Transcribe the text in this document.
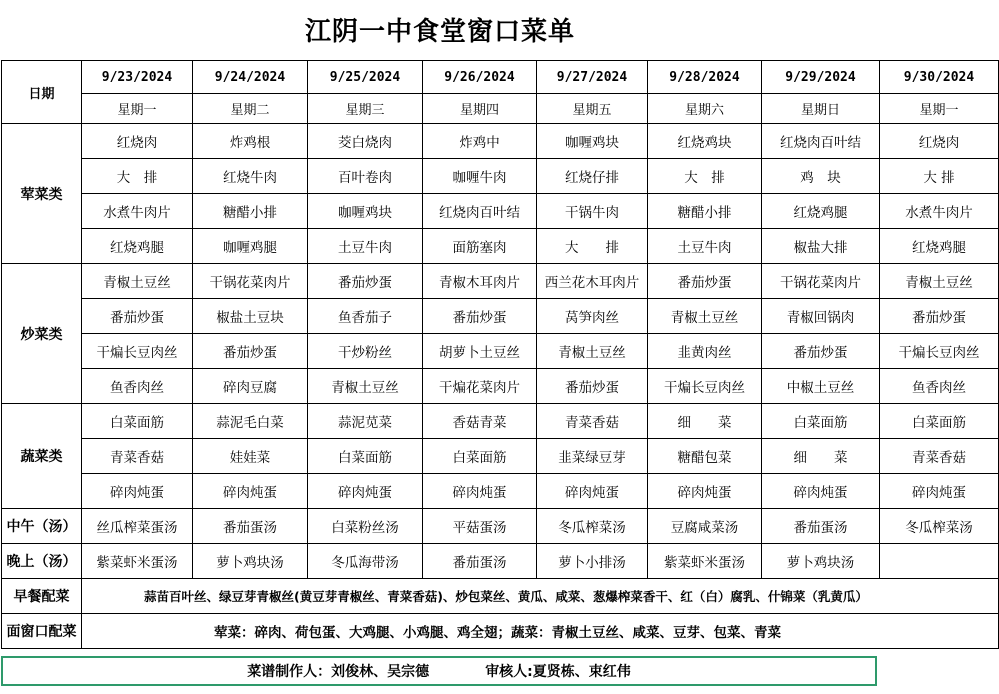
江阴一中食堂窗口菜单
日期	9/23/2024	9/24/2024	9/25/2024	9/26/2024	9/27/2024	9/28/2024	9/29/2024	9/30/2024
	星期一	星期二	星期三	星期四	星期五	星期六	星期日	星期一
荤菜类	红烧肉	炸鸡根	茭白烧肉	炸鸡中	咖喱鸡块	红烧鸡块	红烧肉百叶结	红烧肉
	大　排	红烧牛肉	百叶卷肉	咖喱牛肉	红烧仔排	大　排	鸡　块	大 排
	水煮牛肉片	糖醋小排	咖喱鸡块	红烧肉百叶结	干锅牛肉	糖醋小排	红烧鸡腿	水煮牛肉片
	红烧鸡腿	咖喱鸡腿	土豆牛肉	面筋塞肉	大　　排	土豆牛肉	椒盐大排	红烧鸡腿
炒菜类	青椒土豆丝	干锅花菜肉片	番茄炒蛋	青椒木耳肉片	西兰花木耳肉片	番茄炒蛋	干锅花菜肉片	青椒土豆丝
	番茄炒蛋	椒盐土豆块	鱼香茄子	番茄炒蛋	莴笋肉丝	青椒土豆丝	青椒回锅肉	番茄炒蛋
	干煸长豆肉丝	番茄炒蛋	干炒粉丝	胡萝卜土豆丝	青椒土豆丝	韭黄肉丝	番茄炒蛋	干煸长豆肉丝
	鱼香肉丝	碎肉豆腐	青椒土豆丝	干煸花菜肉片	番茄炒蛋	干煸长豆肉丝	中椒土豆丝	鱼香肉丝
蔬菜类	白菜面筋	蒜泥毛白菜	蒜泥苋菜	香菇青菜	青菜香菇	细　　菜	白菜面筋	白菜面筋
	青菜香菇	娃娃菜	白菜面筋	白菜面筋	韭菜绿豆芽	糖醋包菜	细　　菜	青菜香菇
	碎肉炖蛋	碎肉炖蛋	碎肉炖蛋	碎肉炖蛋	碎肉炖蛋	碎肉炖蛋	碎肉炖蛋	碎肉炖蛋
中午（汤）	丝瓜榨菜蛋汤	番茄蛋汤	白菜粉丝汤	平菇蛋汤	冬瓜榨菜汤	豆腐咸菜汤	番茄蛋汤	冬瓜榨菜汤
晚上（汤）	紫菜虾米蛋汤	萝卜鸡块汤	冬瓜海带汤	番茄蛋汤	萝卜小排汤	紫菜虾米蛋汤	萝卜鸡块汤	
早餐配菜	蒜苗百叶丝、绿豆芽青椒丝(黄豆芽青椒丝、青菜香菇)、炒包菜丝、黄瓜、咸菜、葱爆榨菜香干、红（白）腐乳、什锦菜（乳黄瓜）							
面窗口配菜	荤菜：碎肉、荷包蛋、大鸡腿、小鸡腿、鸡全翅；蔬菜：青椒土豆丝、咸菜、豆芽、包菜、青菜							
菜谱制作人：刘俊林、吴宗德	审核人:夏贤栋、束红伟
